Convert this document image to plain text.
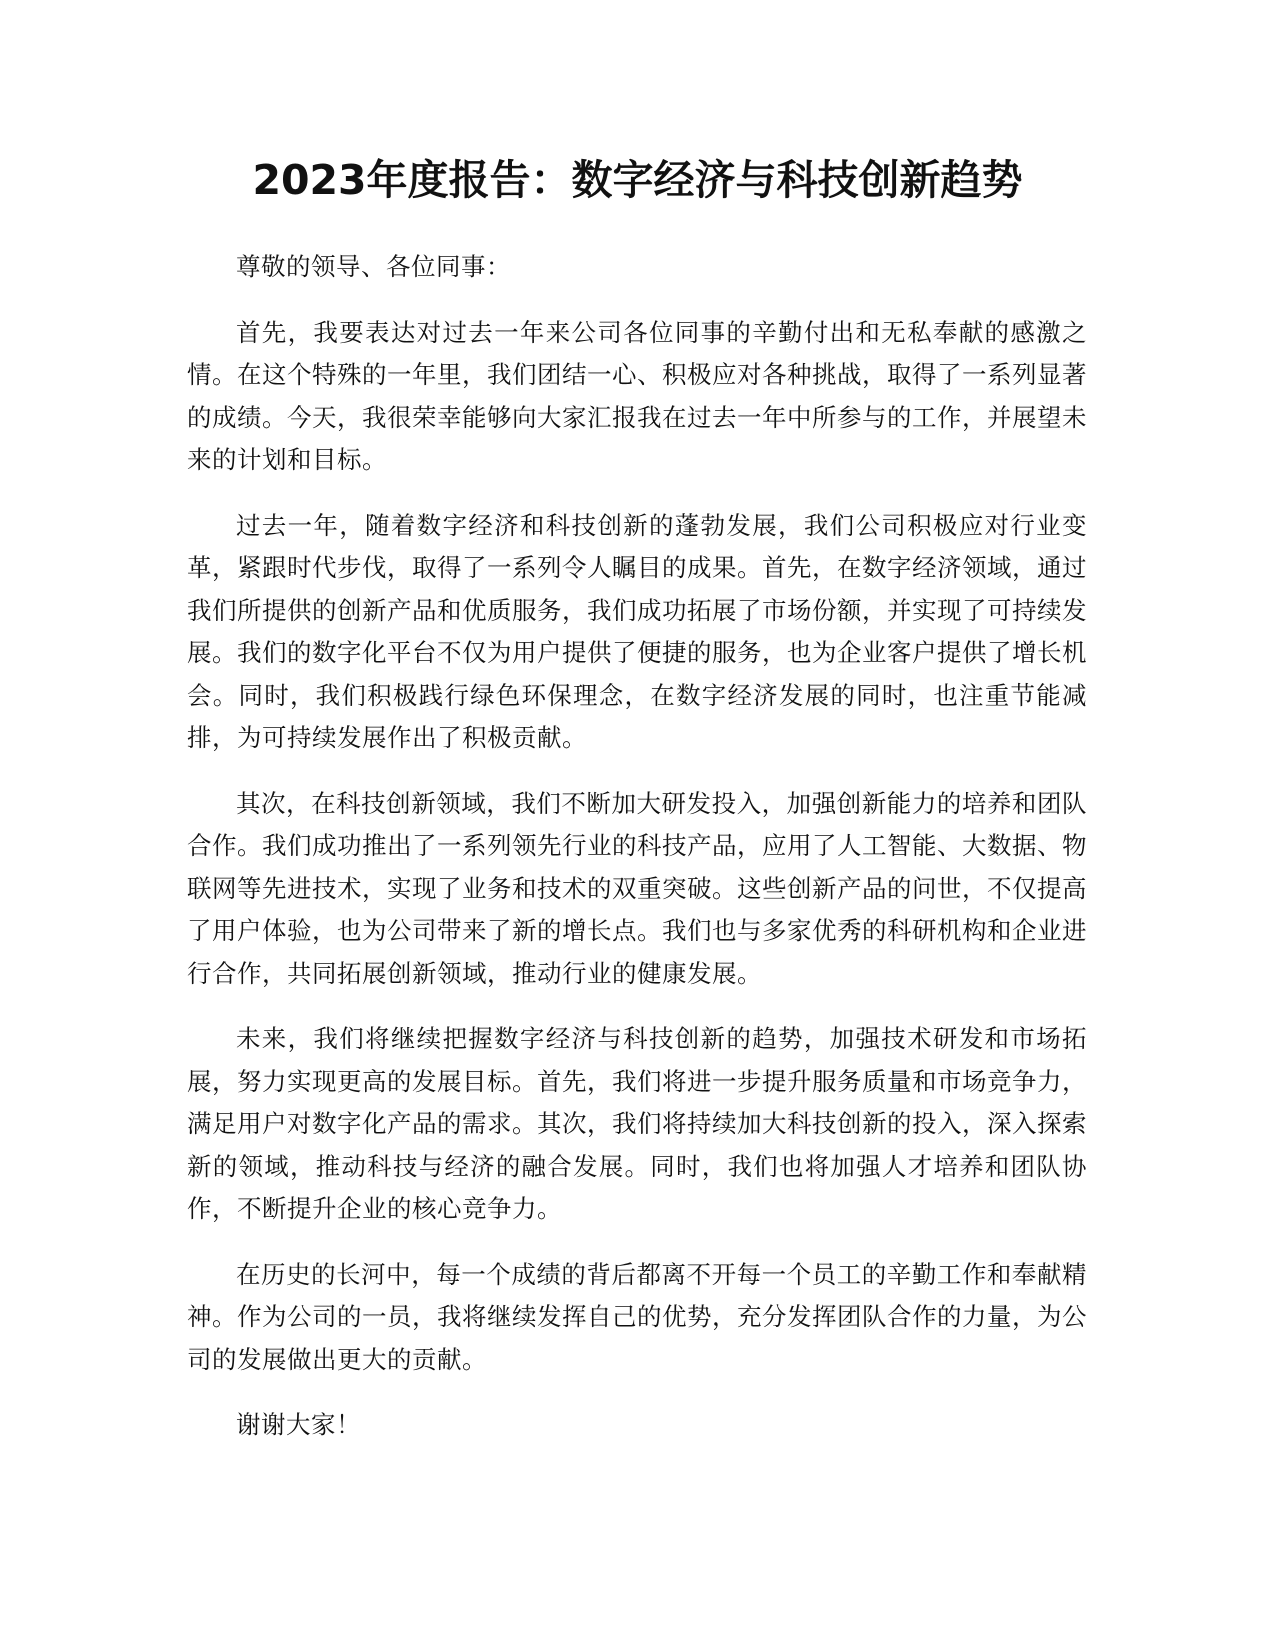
2023年度报告：数字经济与科技创新趋势

尊敬的领导、各位同事：

首先，我要表达对过去一年来公司各位同事的辛勤付出和无私奉献的感激之情。在这个特殊的一年里，我们团结一心、积极应对各种挑战，取得了一系列显著的成绩。今天，我很荣幸能够向大家汇报我在过去一年中所参与的工作，并展望未来的计划和目标。

过去一年，随着数字经济和科技创新的蓬勃发展，我们公司积极应对行业变革，紧跟时代步伐，取得了一系列令人瞩目的成果。首先，在数字经济领域，通过我们所提供的创新产品和优质服务，我们成功拓展了市场份额，并实现了可持续发展。我们的数字化平台不仅为用户提供了便捷的服务，也为企业客户提供了增长机会。同时，我们积极践行绿色环保理念，在数字经济发展的同时，也注重节能减排，为可持续发展作出了积极贡献。

其次，在科技创新领域，我们不断加大研发投入，加强创新能力的培养和团队合作。我们成功推出了一系列领先行业的科技产品，应用了人工智能、大数据、物联网等先进技术，实现了业务和技术的双重突破。这些创新产品的问世，不仅提高了用户体验，也为公司带来了新的增长点。我们也与多家优秀的科研机构和企业进行合作，共同拓展创新领域，推动行业的健康发展。

未来，我们将继续把握数字经济与科技创新的趋势，加强技术研发和市场拓展，努力实现更高的发展目标。首先，我们将进一步提升服务质量和市场竞争力，满足用户对数字化产品的需求。其次，我们将持续加大科技创新的投入，深入探索新的领域，推动科技与经济的融合发展。同时，我们也将加强人才培养和团队协作，不断提升企业的核心竞争力。

在历史的长河中，每一个成绩的背后都离不开每一个员工的辛勤工作和奉献精神。作为公司的一员，我将继续发挥自己的优势，充分发挥团队合作的力量，为公司的发展做出更大的贡献。

谢谢大家！
